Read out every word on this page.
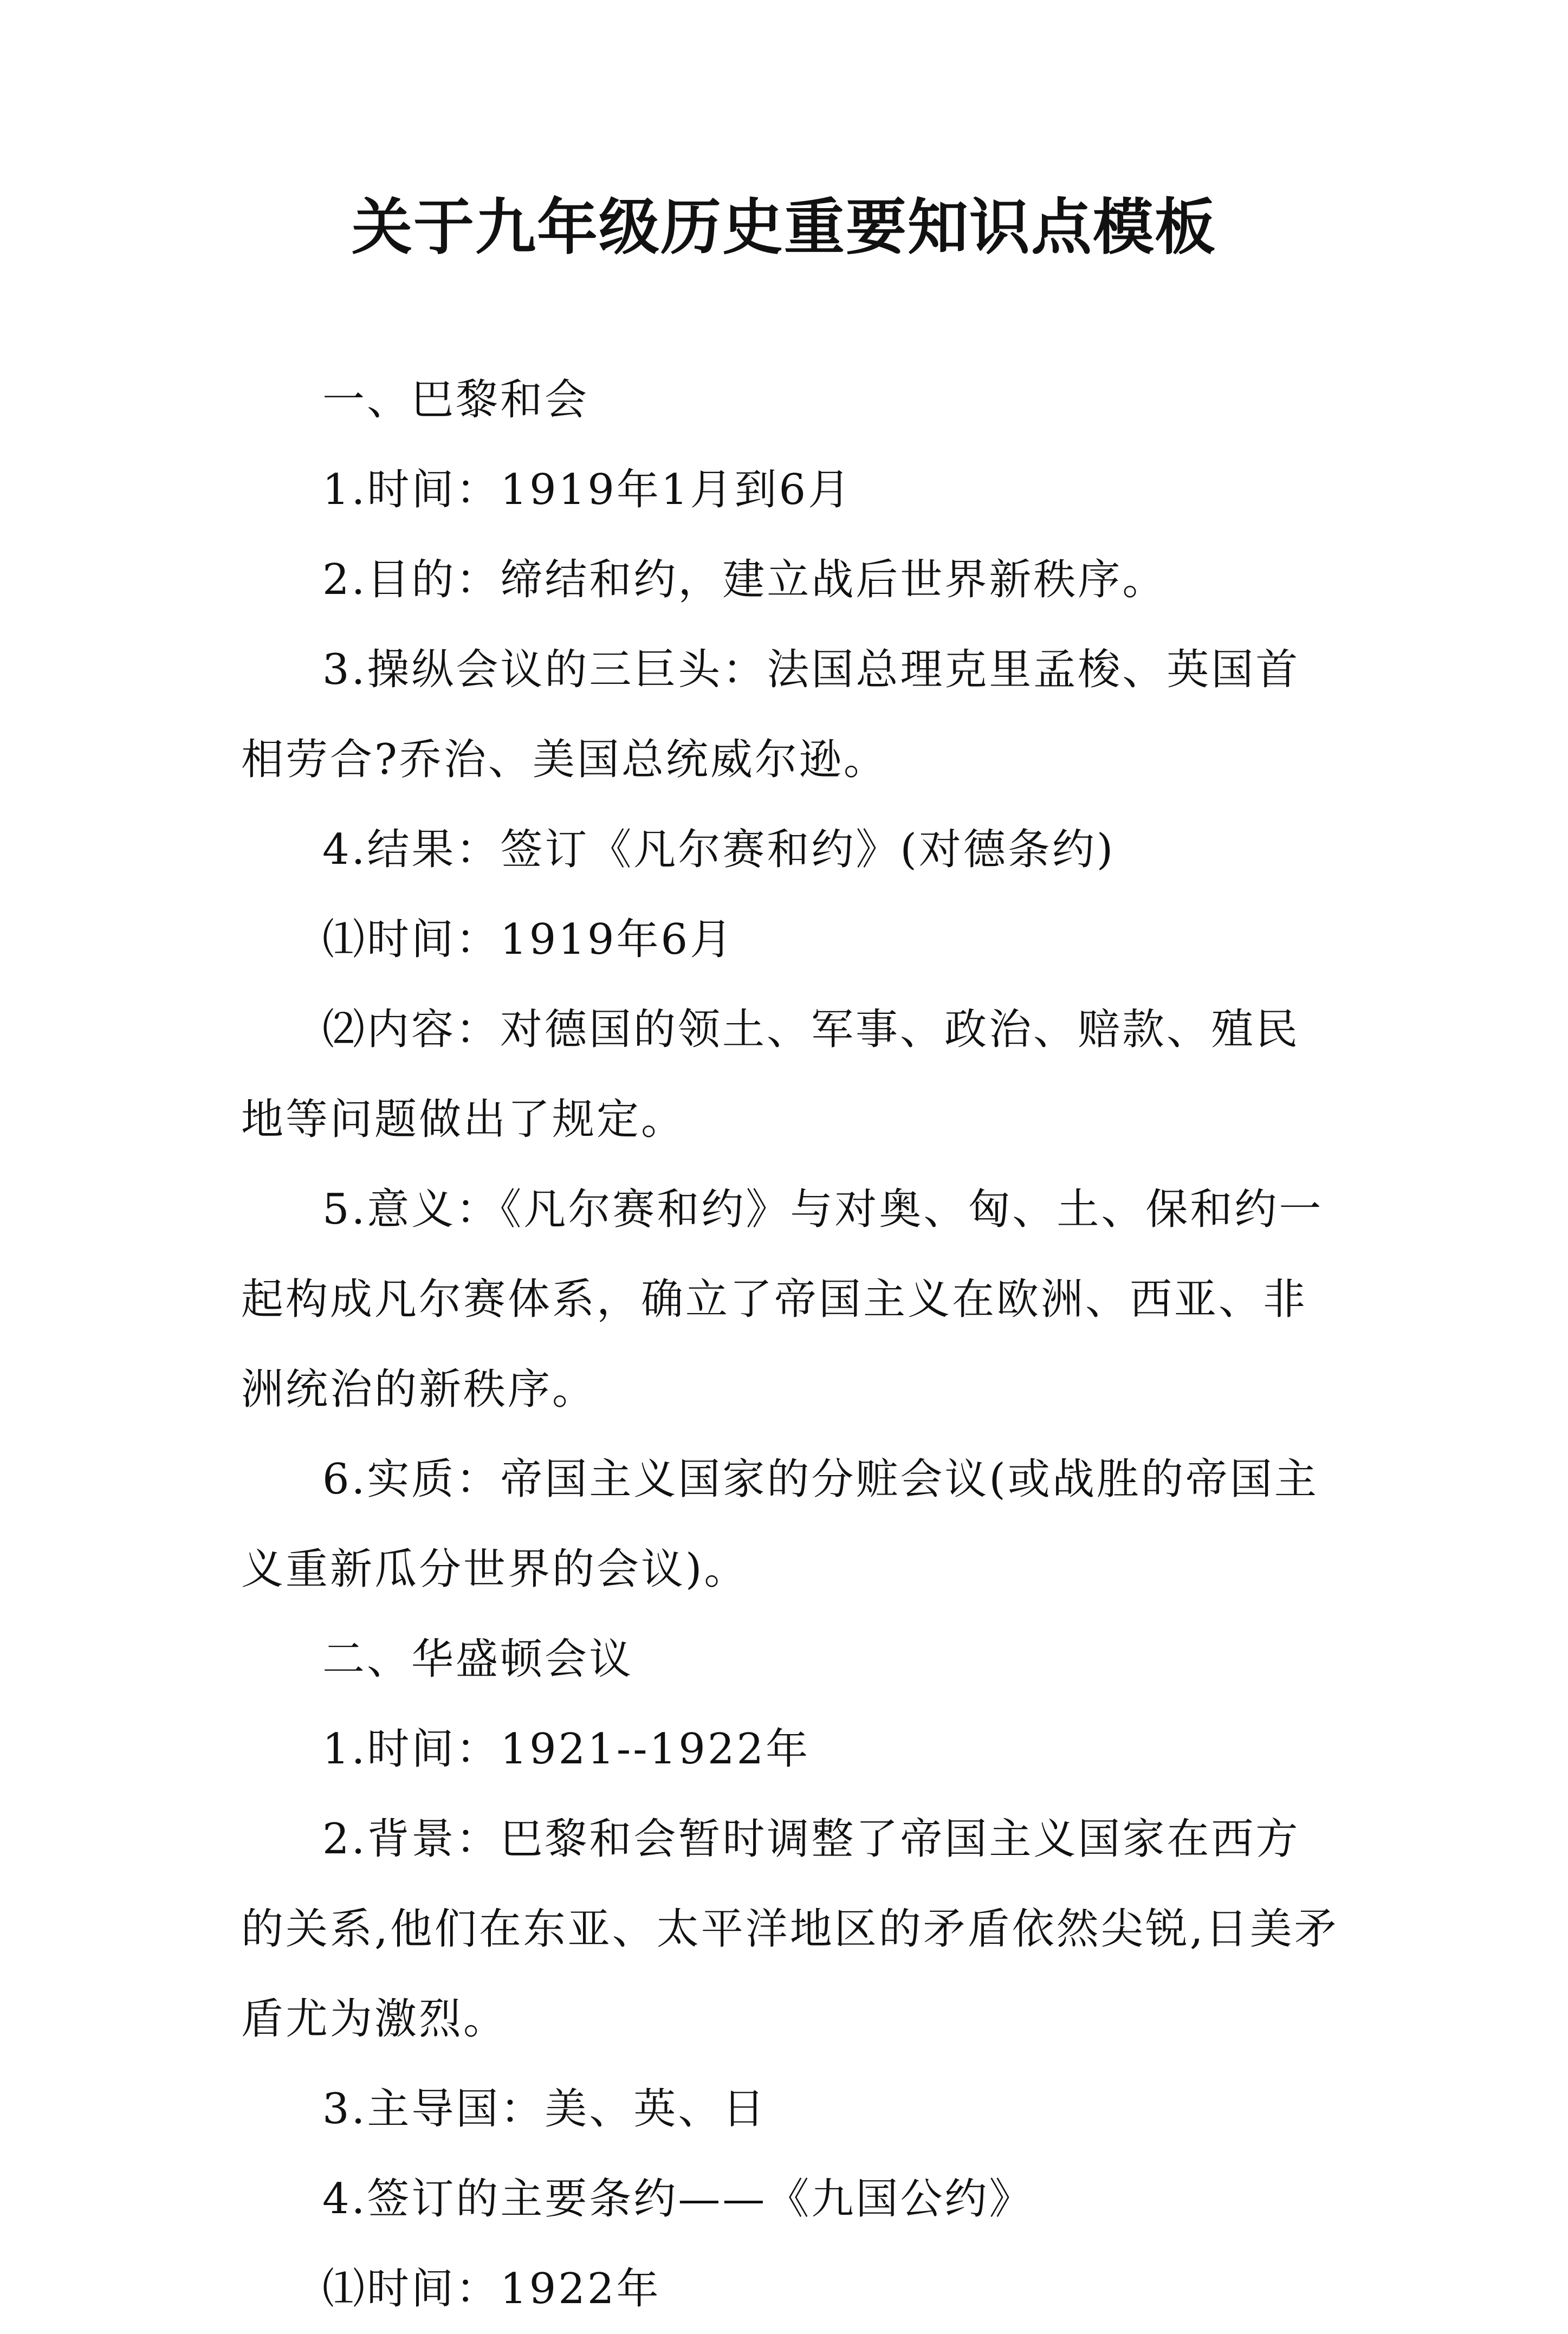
关于九年级历史重要知识点模板

一、巴黎和会

1.时间：1919年1月到6月

2.目的：缔结和约，建立战后世界新秩序。

3.操纵会议的三巨头：法国总理克里孟梭、英国首相劳合?乔治、美国总统威尔逊。

4.结果：签订《凡尔赛和约》(对德条约)

⑴时间：1919年6月

⑵内容：对德国的领土、军事、政治、赔款、殖民地等问题做出了规定。

5.意义：《凡尔赛和约》与对奥、匈、土、保和约一起构成凡尔赛体系，确立了帝国主义在欧洲、西亚、非洲统治的新秩序。

6.实质：帝国主义国家的分赃会议(或战胜的帝国主义重新瓜分世界的会议)。

二、华盛顿会议

1.时间：1921--1922年

2.背景：巴黎和会暂时调整了帝国主义国家在西方的关系,他们在东亚、太平洋地区的矛盾依然尖锐,日美矛盾尤为激烈。

3.主导国：美、英、日

4.签订的主要条约——《九国公约》

⑴时间：1922年
